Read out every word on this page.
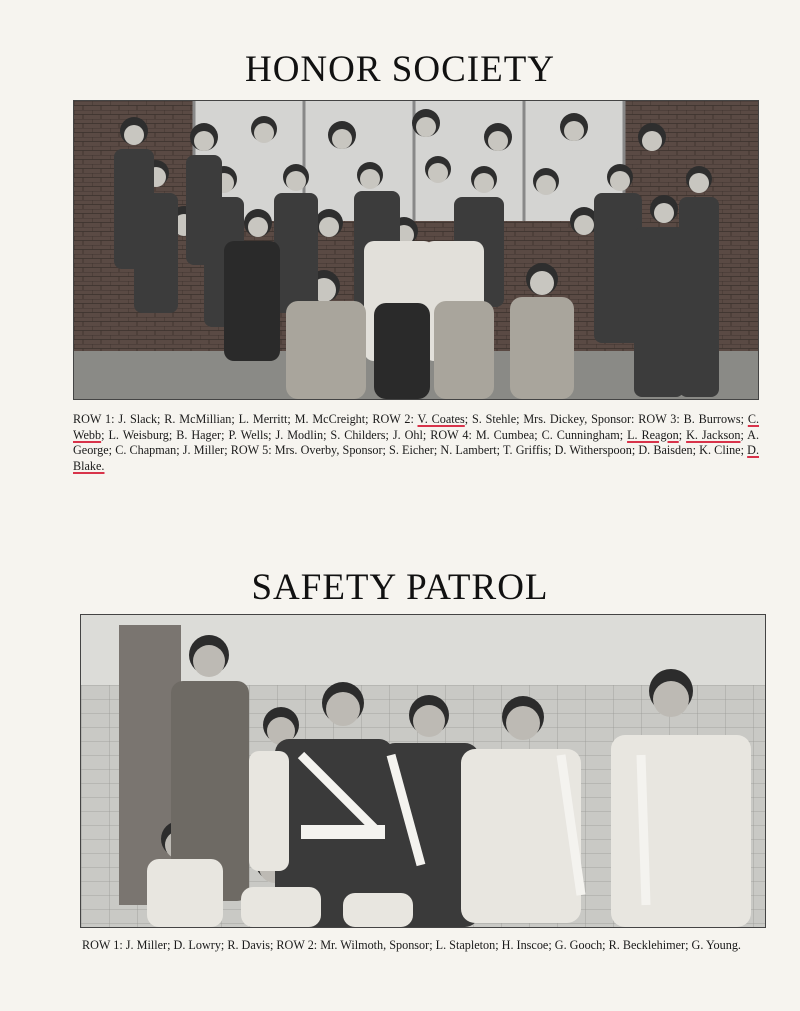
HONOR SOCIETY

ROW 1: J. Slack; R. McMillian; L. Merritt; M. McCreight; ROW 2: V. Coates; S. Stehle; Mrs. Dickey, Sponsor: ROW 3: B. Burrows; C. Webb; L. Weisburg; B. Hager; P. Wells; J. Modlin; S. Childers; J. Ohl; ROW 4: M. Cumbea; C. Cunningham; L. Reagon; K. Jackson; A. George; C. Chapman; J. Miller; ROW 5: Mrs. Overby, Sponsor; S. Eicher; N. Lambert; T. Griffis; D. Witherspoon; D. Baisden; K. Cline; D. Blake.

SAFETY PATROL

ROW 1: J. Miller; D. Lowry; R. Davis; ROW 2: Mr. Wilmoth, Sponsor; L. Stapleton; H. Inscoe; G. Gooch; R. Becklehimer; G. Young.
